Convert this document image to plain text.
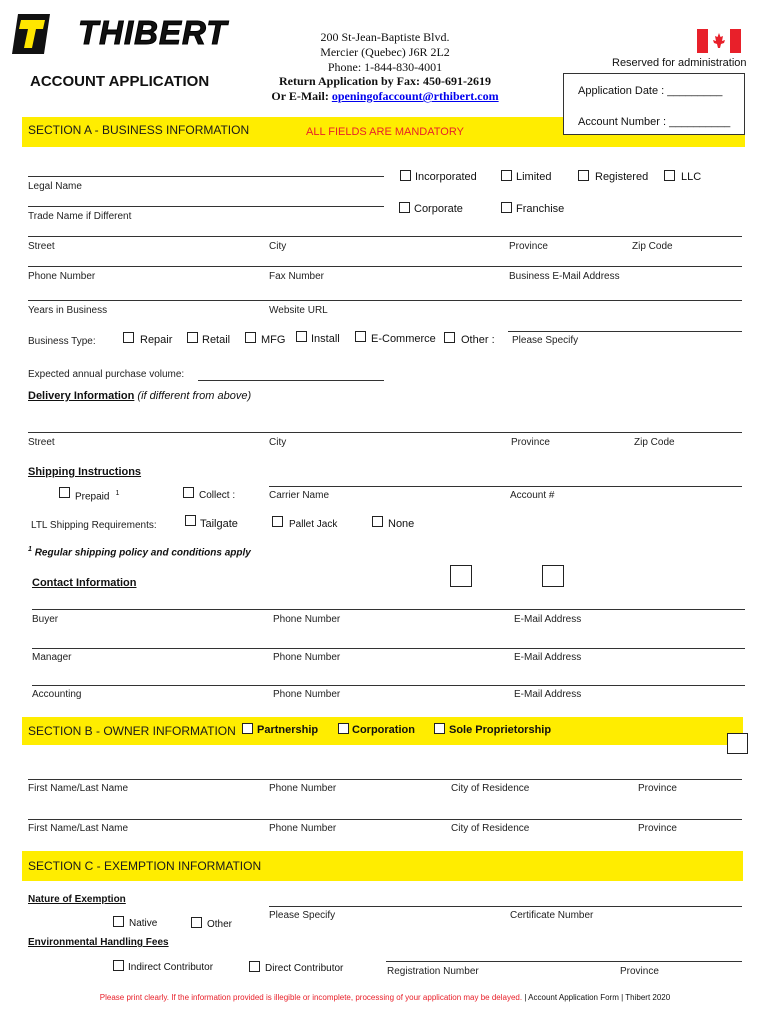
THIBERT	200 St-Jean-Baptiste Blvd.
Mercier (Quebec) J6R 2L2
Phone: 1-844-830-4001
Return Application by Fax: 450-691-2619
Or E-Mail: openingofaccount@rthibert.com
ACCOUNT APPLICATION
Reserved for administration
Application Date : _________
Account Number : __________
SECTION A - BUSINESS INFORMATION	ALL FIELDS ARE MANDATORY
Legal Name
Trade Name if Different
Incorporated	Limited	Registered	LLC
Corporate	Franchise
Street	City	Province	Zip Code
Phone Number	Fax Number	Business E-Mail Address
Years in Business	Website URL
Business Type:	Repair	Retail	MFG Install	E-Commerce Other : Please Specify
Expected annual purchase volume:
Delivery Information (if different from above)
Street	City	Province	Zip Code
Shipping Instructions
Prepaid $^1$	Collect :	Carrier Name	Account #
LTL Shipping Requirements:	Tailgate	Pallet Jack	None
$^1$ Regular shipping policy and conditions apply
Contact Information
Buyer	Phone Number	E-Mail Address
Manager	Phone Number	E-Mail Address
Accounting	Phone Number	E-Mail Address
SECTION B - OWNER INFORMATION Partnership	Corporation	Sole Proprietorship
First Name/Last Name	Phone Number	City of Residence	Province
First Name/Last Name	Phone Number	City of Residence	Province
SECTION C - EXEMPTION INFORMATION
Nature of Exemption
Native	Other
Please Specify	Certificate Number
Environmental Handling Fees
Indirect Contributor	Direct Contributor	Registration Number	Province
Please print clearly. If the information provided is illegible or incomplete, processing of your application may be delayed. | Account Application Form | Thibert 2020
